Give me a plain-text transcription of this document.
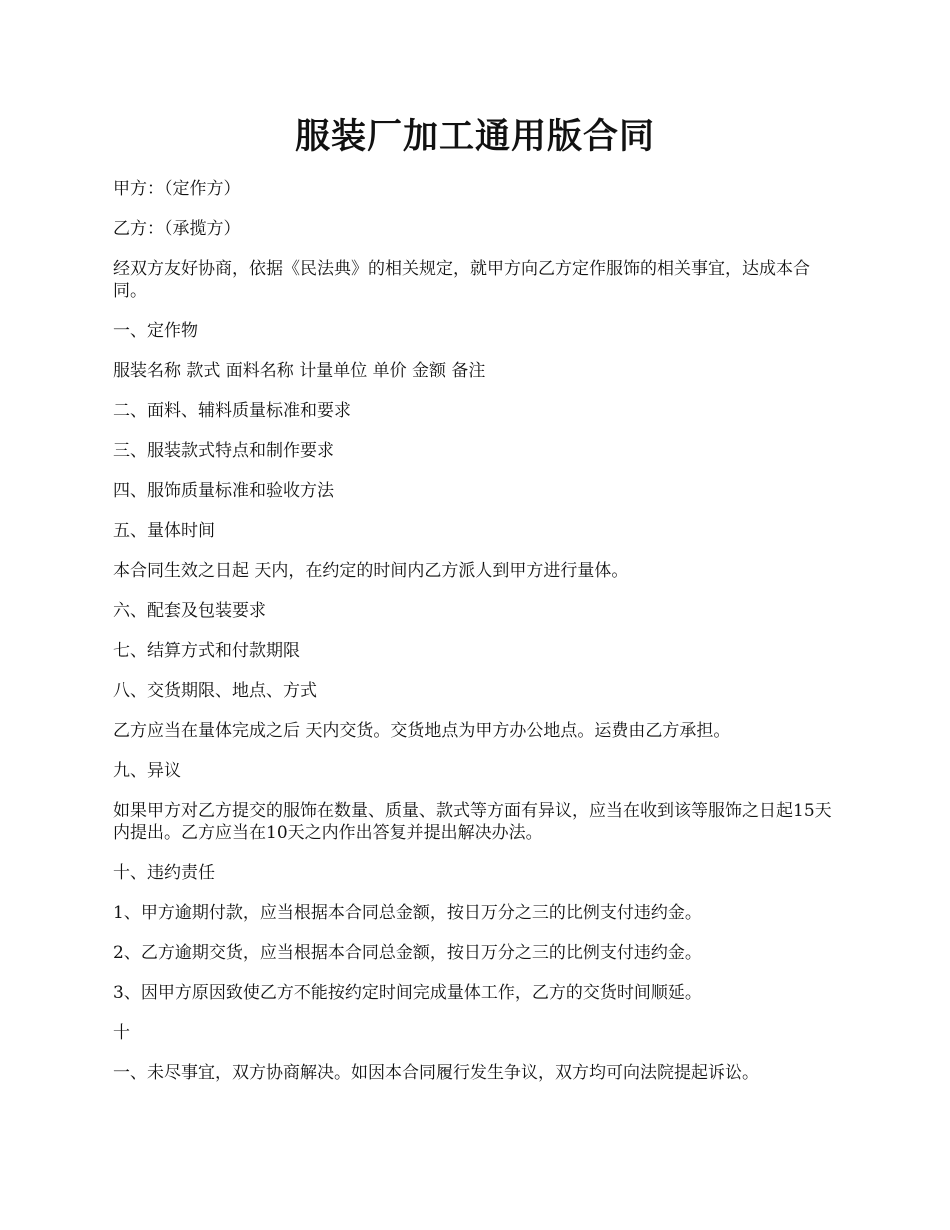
服装厂加工通用版合同

甲方：（定作方）

乙方：（承揽方）

经双方友好协商，依据《民法典》的相关规定，就甲方向乙方定作服饰的相关事宜，达成本合同。

一、定作物

服装名称 款式 面料名称 计量单位 单价 金额 备注

二、面料、辅料质量标准和要求

三、服装款式特点和制作要求

四、服饰质量标准和验收方法

五、量体时间

本合同生效之日起 天内，在约定的时间内乙方派人到甲方进行量体。

六、配套及包装要求

七、结算方式和付款期限

八、交货期限、地点、方式

乙方应当在量体完成之后 天内交货。交货地点为甲方办公地点。运费由乙方承担。

九、异议

如果甲方对乙方提交的服饰在数量、质量、款式等方面有异议，应当在收到该等服饰之日起15天内提出。乙方应当在10天之内作出答复并提出解决办法。

十、违约责任

1、甲方逾期付款，应当根据本合同总金额，按日万分之三的比例支付违约金。

2、乙方逾期交货，应当根据本合同总金额，按日万分之三的比例支付违约金。

3、因甲方原因致使乙方不能按约定时间完成量体工作，乙方的交货时间顺延。

十

一、未尽事宜，双方协商解决。如因本合同履行发生争议，双方均可向法院提起诉讼。
